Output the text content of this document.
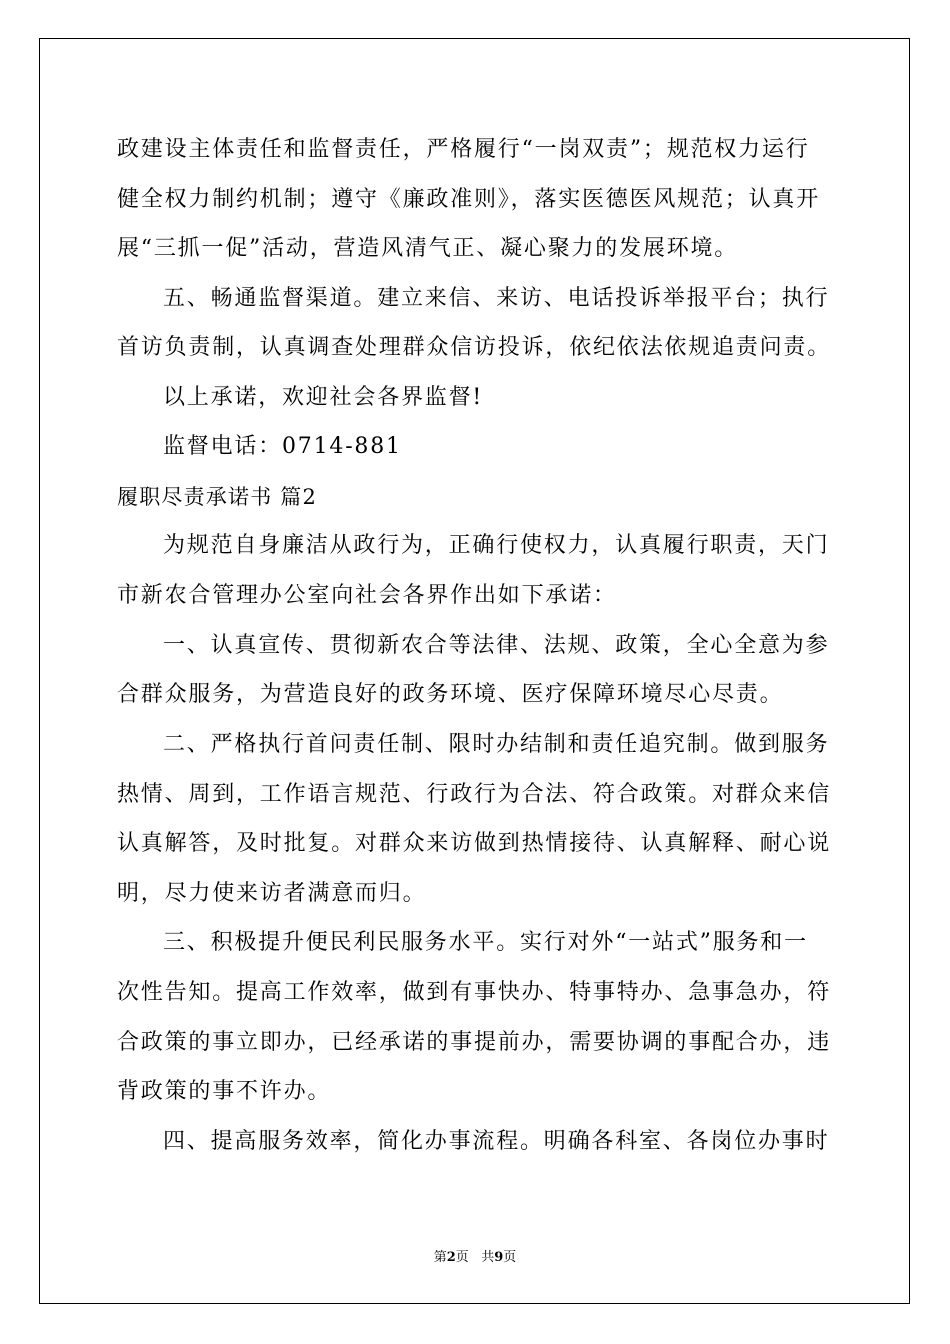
政建设主体责任和监督责任，严格履行“一岗双责”；规范权力运行
健全权力制约机制；遵守《廉政准则》，落实医德医风规范；认真开
展“三抓一促”活动，营造风清气正、凝心聚力的发展环境。
五、畅通监督渠道。建立来信、来访、电话投诉举报平台；执行
首访负责制，认真调查处理群众信访投诉，依纪依法依规追责问责。
以上承诺，欢迎社会各界监督!
监督电话：0714-881
履职尽责承诺书 篇2
为规范自身廉洁从政行为，正确行使权力，认真履行职责，天门
市新农合管理办公室向社会各界作出如下承诺：
一、认真宣传、贯彻新农合等法律、法规、政策，全心全意为参
合群众服务，为营造良好的政务环境、医疗保障环境尽心尽责。
二、严格执行首问责任制、限时办结制和责任追究制。做到服务
热情、周到，工作语言规范、行政行为合法、符合政策。对群众来信
认真解答，及时批复。对群众来访做到热情接待、认真解释、耐心说
明，尽力使来访者满意而归。
三、积极提升便民利民服务水平。实行对外“一站式”服务和一
次性告知。提高工作效率，做到有事快办、特事特办、急事急办，符
合政策的事立即办，已经承诺的事提前办，需要协调的事配合办，违
背政策的事不许办。
四、提高服务效率，简化办事流程。明确各科室、各岗位办事时
第2页 共9页
